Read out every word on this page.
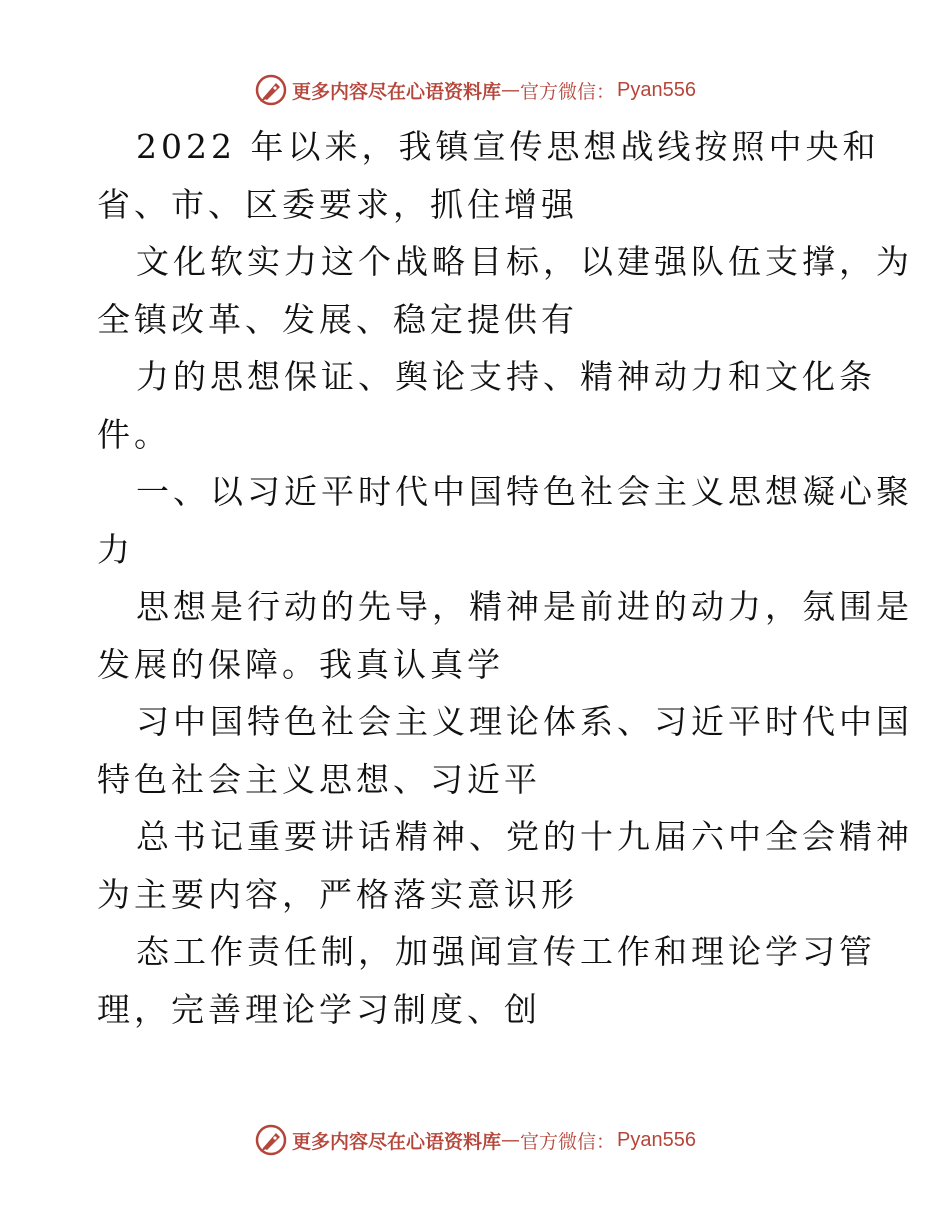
更多内容尽在心语资料库 — 官方微信： Pyan556
2022 年以来，我镇宣传思想战线按照中央和
省、市、区委要求，抓住增强
文化软实力这个战略目标，以建强队伍支撑，为
全镇改革、发展、稳定提供有
力的思想保证、舆论支持、精神动力和文化条
件。
一、以习近平时代中国特色社会主义思想凝心聚
力
思想是行动的先导，精神是前进的动力，氛围是
发展的保障。我真认真学
习中国特色社会主义理论体系、习近平时代中国
特色社会主义思想、习近平
总书记重要讲话精神、党的十九届六中全会精神
为主要内容，严格落实意识形
态工作责任制，加强闻宣传工作和理论学习管
理，完善理论学习制度、创
更多内容尽在心语资料库 — 官方微信： Pyan556
